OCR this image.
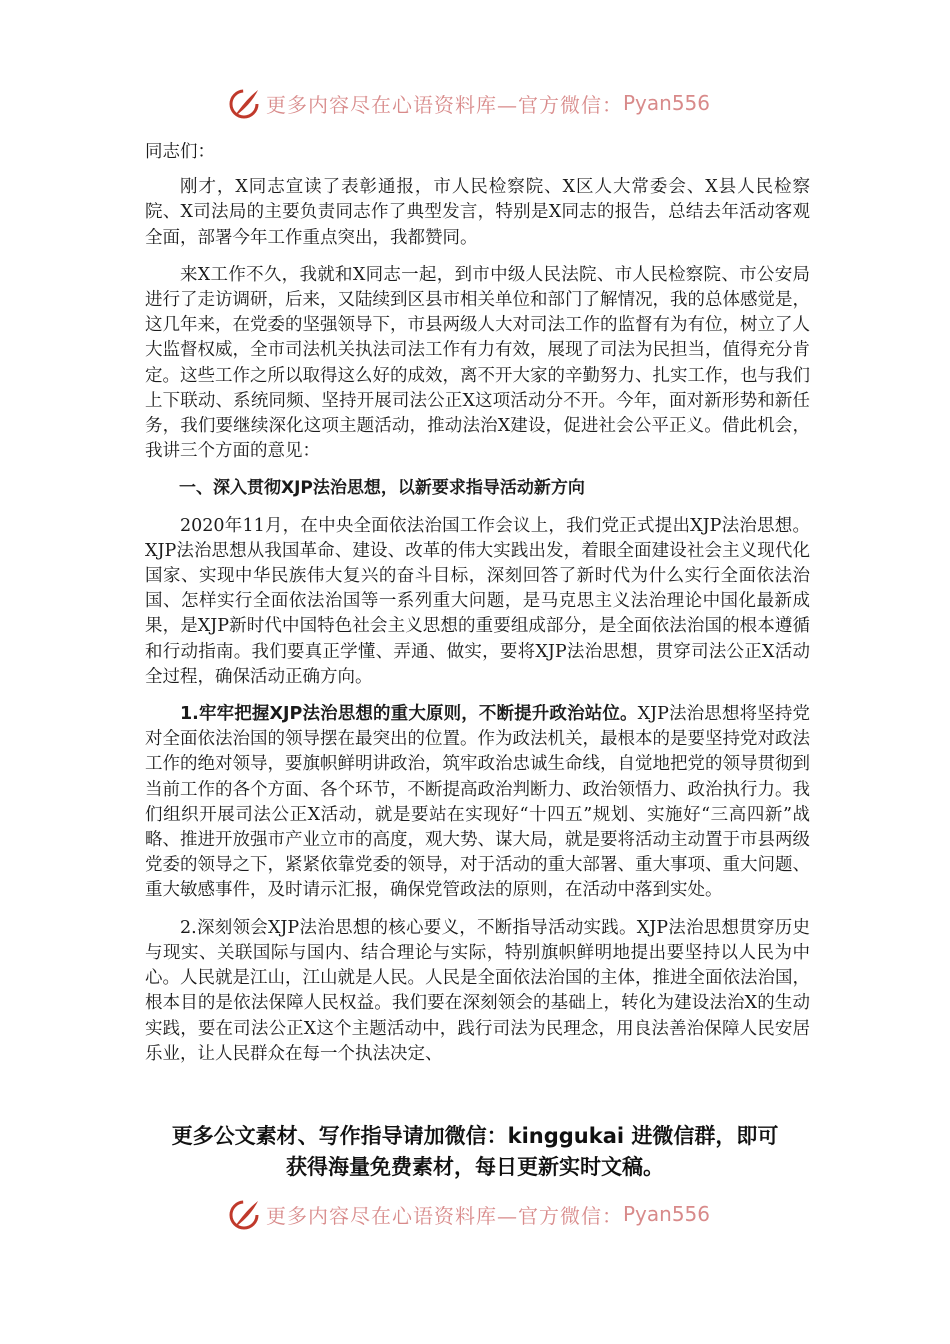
更多内容尽在心语资料库—官方微信： Pyan556

同志们：

刚才，X同志宣读了表彰通报，市人民检察院、X区人大常委会、X县人民检察院、X司法局的主要负责同志作了典型发言，特别是X同志的报告，总结去年活动客观全面，部署今年工作重点突出，我都赞同。

来X工作不久，我就和X同志一起，到市中级人民法院、市人民检察院、市公安局进行了走访调研，后来，又陆续到区县市相关单位和部门了解情况，我的总体感觉是，这几年来，在党委的坚强领导下，市县两级人大对司法工作的监督有为有位，树立了人大监督权威，全市司法机关执法司法工作有力有效，展现了司法为民担当，值得充分肯定。这些工作之所以取得这么好的成效，离不开大家的辛勤努力、扎实工作，也与我们上下联动、系统同频、坚持开展司法公正X这项活动分不开。今年，面对新形势和新任务，我们要继续深化这项主题活动，推动法治X建设，促进社会公平正义。借此机会，我讲三个方面的意见：

一、深入贯彻XJP法治思想，以新要求指导活动新方向

2020年11月，在中央全面依法治国工作会议上，我们党正式提出XJP法治思想。XJP法治思想从我国革命、建设、改革的伟大实践出发，着眼全面建设社会主义现代化国家、实现中华民族伟大复兴的奋斗目标，深刻回答了新时代为什么实行全面依法治国、怎样实行全面依法治国等一系列重大问题，是马克思主义法治理论中国化最新成果，是XJP新时代中国特色社会主义思想的重要组成部分，是全面依法治国的根本遵循和行动指南。我们要真正学懂、弄通、做实，要将XJP法治思想，贯穿司法公正X活动全过程，确保活动正确方向。

1.牢牢把握XJP法治思想的重大原则，不断提升政治站位。XJP法治思想将坚持党对全面依法治国的领导摆在最突出的位置。作为政法机关，最根本的是要坚持党对政法工作的绝对领导，要旗帜鲜明讲政治，筑牢政治忠诚生命线，自觉地把党的领导贯彻到当前工作的各个方面、各个环节，不断提高政治判断力、政治领悟力、政治执行力。我们组织开展司法公正X活动，就是要站在实现好“十四五”规划、实施好“三高四新”战略、推进开放强市产业立市的高度，观大势、谋大局，就是要将活动主动置于市县两级党委的领导之下，紧紧依靠党委的领导，对于活动的重大部署、重大事项、重大问题、重大敏感事件，及时请示汇报，确保党管政法的原则，在活动中落到实处。

2.深刻领会XJP法治思想的核心要义，不断指导活动实践。XJP法治思想贯穿历史与现实、关联国际与国内、结合理论与实际，特别旗帜鲜明地提出要坚持以人民为中心。人民就是江山，江山就是人民。人民是全面依法治国的主体，推进全面依法治国，根本目的是依法保障人民权益。我们要在深刻领会的基础上，转化为建设法治X的生动实践，要在司法公正X这个主题活动中，践行司法为民理念，用良法善治保障人民安居乐业，让人民群众在每一个执法决定、

更多公文素材、写作指导请加微信：kinggukai 进微信群，即可
获得海量免费素材，每日更新实时文稿。
更多内容尽在心语资料库—官方微信： Pyan556
